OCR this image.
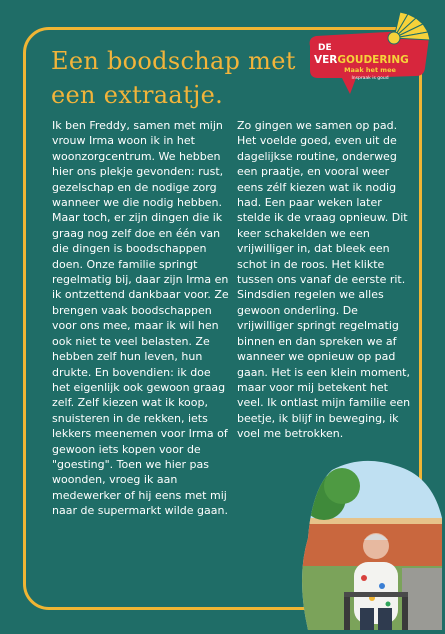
Een boodschap met een extraatje.
DE
VERGOUDERING
Maak het mee
Inspraak is goud

Ik ben Freddy, samen met mijn vrouw Irma woon ik in het woonzorgcentrum. We hebben hier ons plekje gevonden: rust, gezelschap en de nodige zorg wanneer we die nodig hebben. Maar toch, er zijn dingen die ik graag nog zelf doe en één van die dingen is boodschappen doen. Onze familie springt regelmatig bij, daar zijn Irma en ik ontzettend dankbaar voor. Ze brengen vaak boodschappen voor ons mee, maar ik wil hen ook niet te veel belasten. Ze hebben zelf hun leven, hun drukte. En bovendien: ik doe het eigenlijk ook gewoon graag zelf. Zelf kiezen wat ik koop, snuisteren in de rekken, iets lekkers meenemen voor Irma of gewoon iets kopen voor de "goesting". Toen we hier pas woonden, vroeg ik aan medewerker of hij eens met mij naar de supermarkt wilde gaan.

Zo gingen we samen op pad. Het voelde goed, even uit de dagelijkse routine, onderweg een praatje, en vooral weer eens zélf kiezen wat ik nodig had. Een paar weken later stelde ik de vraag opnieuw. Dit keer schakelden we een vrijwilliger in, dat bleek een schot in de roos. Het klikte tussen ons vanaf de eerste rit. Sindsdien regelen we alles gewoon onderling. De vrijwilliger springt regelmatig binnen en dan spreken we af wanneer we opnieuw op pad gaan. Het is een klein moment, maar voor mij betekent het veel. Ik ontlast mijn familie een beetje, ik blijf in beweging, ik voel me betrokken.
